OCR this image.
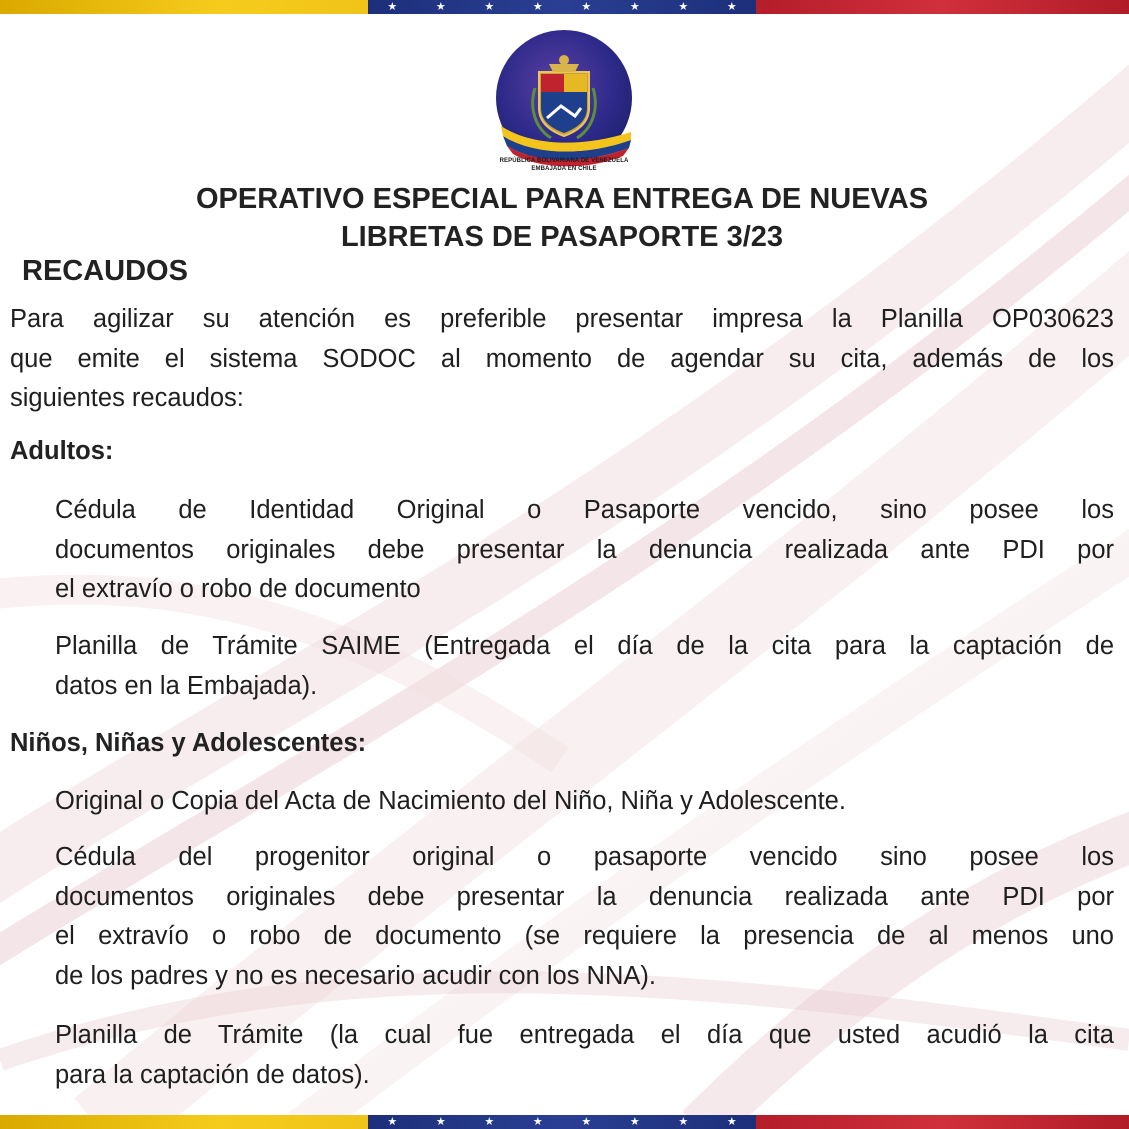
★	★	★	★	★	★	★	★
REPÚBLICA BOLIVARIANA DE VENEZUELA
EMBAJADA EN CHILE
OPERATIVO ESPECIAL PARA ENTREGA DE NUEVAS
LIBRETAS DE PASAPORTE 3/23
RECAUDOS
Para agilizar su atención es preferible presentar impresa la Planilla OP030623
que emite el sistema SODOC al momento de agendar su cita, además de los
siguientes recaudos:
Adultos:
Cédula de Identidad Original o Pasaporte vencido, sino posee los
documentos originales debe presentar la denuncia realizada ante PDI por
el extravío o robo de documento
Planilla de Trámite SAIME (Entregada el día de la cita para la captación de
datos en la Embajada).
Niños, Niñas y Adolescentes:
Original o Copia del Acta de Nacimiento del Niño, Niña y Adolescente.
Cédula del progenitor original o pasaporte vencido sino posee los
documentos originales debe presentar la denuncia realizada ante PDI por
el extravío o robo de documento (se requiere la presencia de al menos uno
de los padres y no es necesario acudir con los NNA).
Planilla de Trámite (la cual fue entregada el día que usted acudió la cita
para la captación de datos).
★	★	★	★	★	★	★	★
